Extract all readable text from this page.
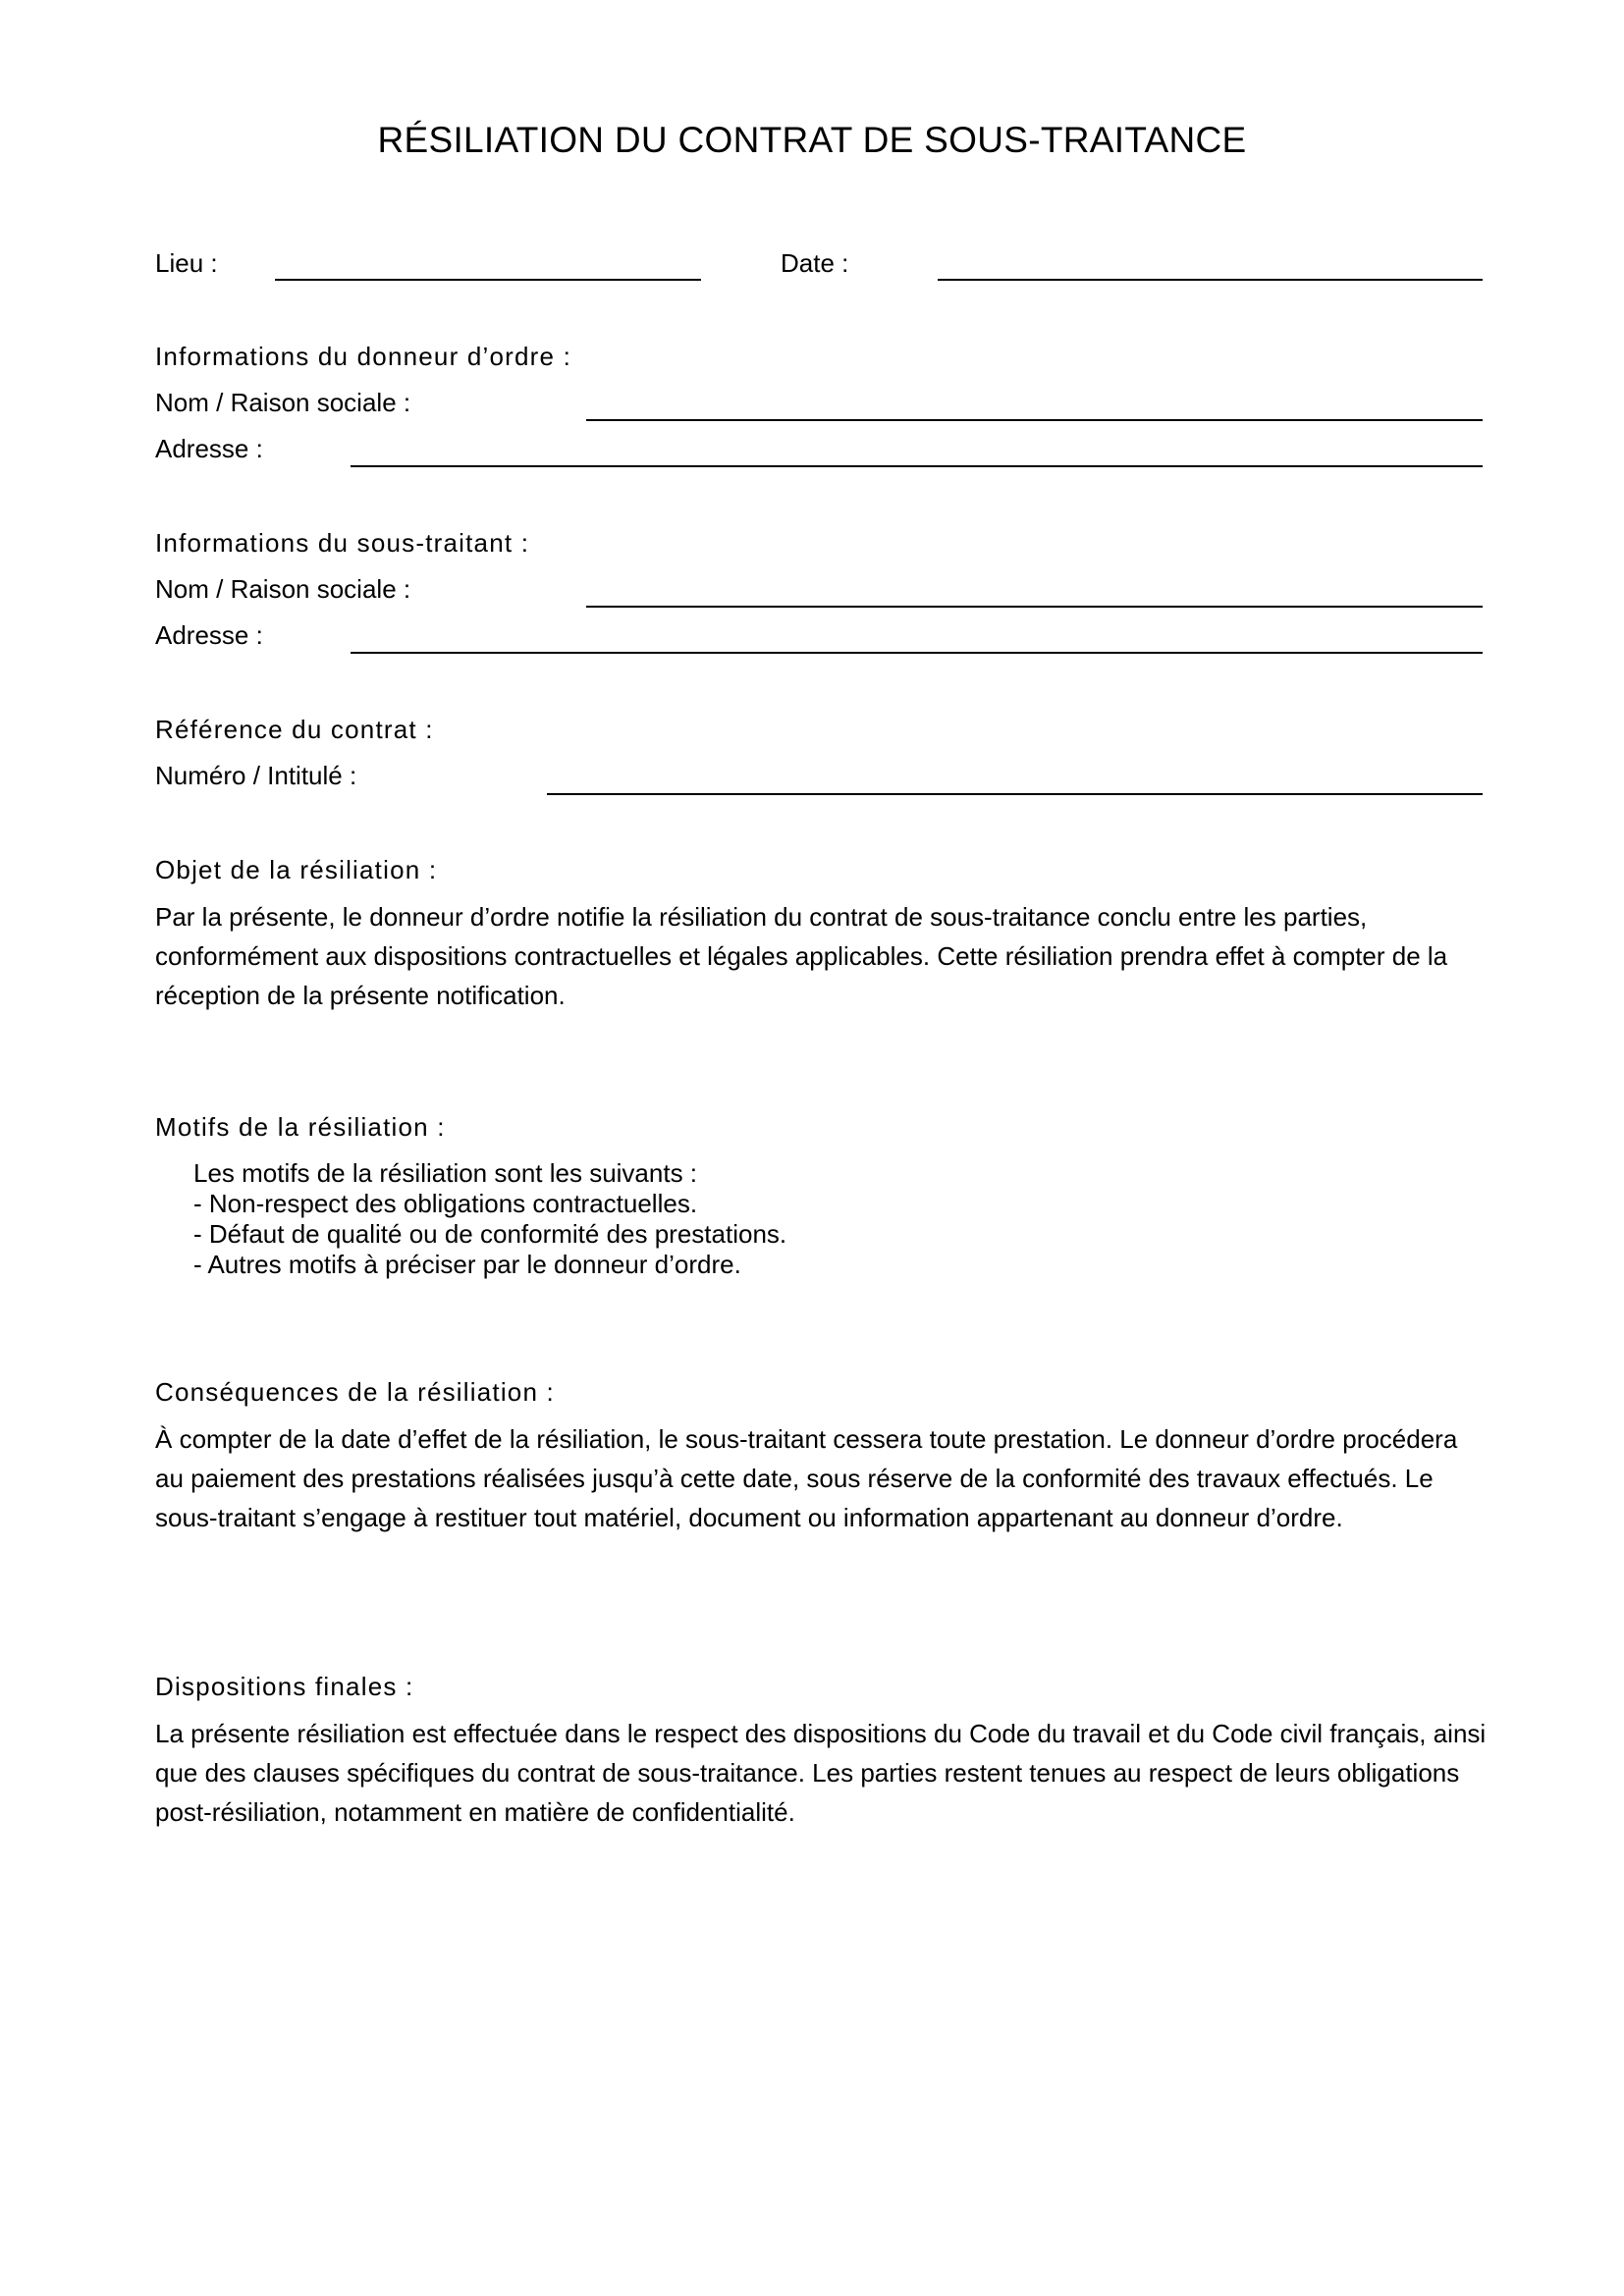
RÉSILIATION DU CONTRAT DE SOUS-TRAITANCE
Lieu :	Date :
Informations du donneur d’ordre :
Nom / Raison sociale :
Adresse :
Informations du sous-traitant :
Nom / Raison sociale :
Adresse :
Référence du contrat :
Numéro / Intitulé :
Objet de la résiliation :
Par la présente, le donneur d’ordre notifie la résiliation du contrat de sous-traitance conclu entre les parties, conformément aux dispositions contractuelles et légales applicables. Cette résiliation prendra effet à compter de la réception de la présente notification.
Motifs de la résiliation :
Les motifs de la résiliation sont les suivants :
- Non-respect des obligations contractuelles.
- Défaut de qualité ou de conformité des prestations.
- Autres motifs à préciser par le donneur d’ordre.
Conséquences de la résiliation :
À compter de la date d’effet de la résiliation, le sous-traitant cessera toute prestation. Le donneur d’ordre procédera au paiement des prestations réalisées jusqu’à cette date, sous réserve de la conformité des travaux effectués. Le sous-traitant s’engage à restituer tout matériel, document ou information appartenant au donneur d’ordre.
Dispositions finales :
La présente résiliation est effectuée dans le respect des dispositions du Code du travail et du Code civil français, ainsi que des clauses spécifiques du contrat de sous-traitance. Les parties restent tenues au respect de leurs obligations post-résiliation, notamment en matière de confidentialité.
